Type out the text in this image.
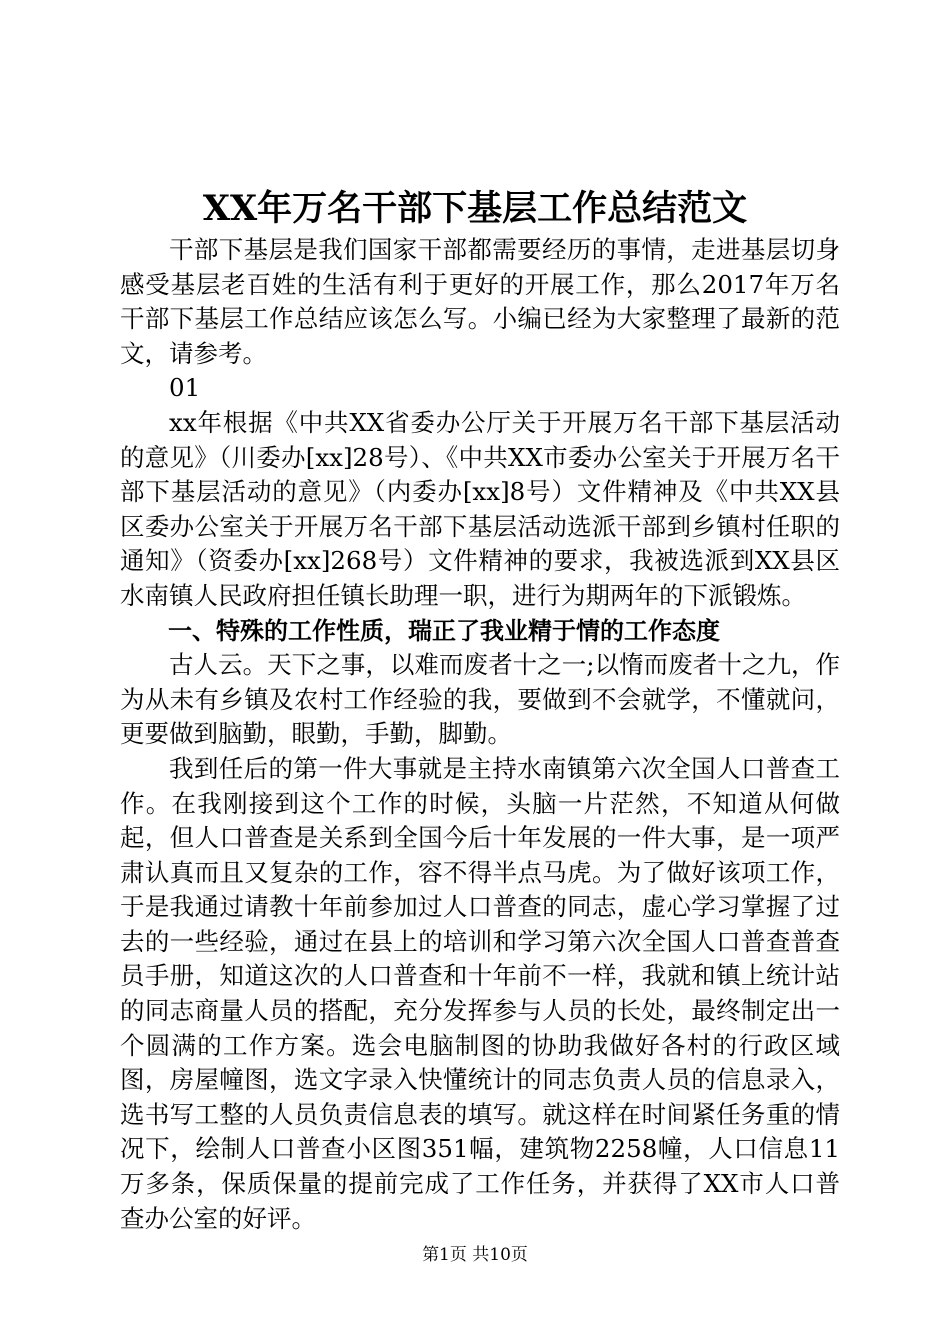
XX年万名干部下基层工作总结范文

干部下基层是我们国家干部都需要经历的事情，走进基层切身感受基层老百姓的生活有利于更好的开展工作，那么2017年万名干部下基层工作总结应该怎么写。小编已经为大家整理了最新的范文，请参考。

01

xx年根据《中共XX省委办公厅关于开展万名干部下基层活动的意见》（川委办[xx]28号）、《中共XX市委办公室关于开展万名干部下基层活动的意见》（内委办[xx]8号）文件精神及《中共XX县区委办公室关于开展万名干部下基层活动选派干部到乡镇村任职的通知》（资委办[xx]268号）文件精神的要求，我被选派到XX县区水南镇人民政府担任镇长助理一职，进行为期两年的下派锻炼。

一、特殊的工作性质，瑞正了我业精于情的工作态度

古人云。天下之事，以难而废者十之一;以惰而废者十之九，作为从未有乡镇及农村工作经验的我，要做到不会就学，不懂就问，更要做到脑勤，眼勤，手勤，脚勤。

我到任后的第一件大事就是主持水南镇第六次全国人口普查工作。在我刚接到这个工作的时候，头脑一片茫然，不知道从何做起，但人口普查是关系到全国今后十年发展的一件大事，是一项严肃认真而且又复杂的工作，容不得半点马虎。为了做好该项工作，于是我通过请教十年前参加过人口普查的同志，虚心学习掌握了过去的一些经验，通过在县上的培训和学习第六次全国人口普查普查员手册，知道这次的人口普查和十年前不一样，我就和镇上统计站的同志商量人员的搭配，充分发挥参与人员的长处，最终制定出一个圆满的工作方案。选会电脑制图的协助我做好各村的行政区域图，房屋幢图，选文字录入快懂统计的同志负责人员的信息录入，选书写工整的人员负责信息表的填写。就这样在时间紧任务重的情况下，绘制人口普查小区图351幅，建筑物2258幢，人口信息11万多条，保质保量的提前完成了工作任务，并获得了XX市人口普查办公室的好评。

第1页 共10页
